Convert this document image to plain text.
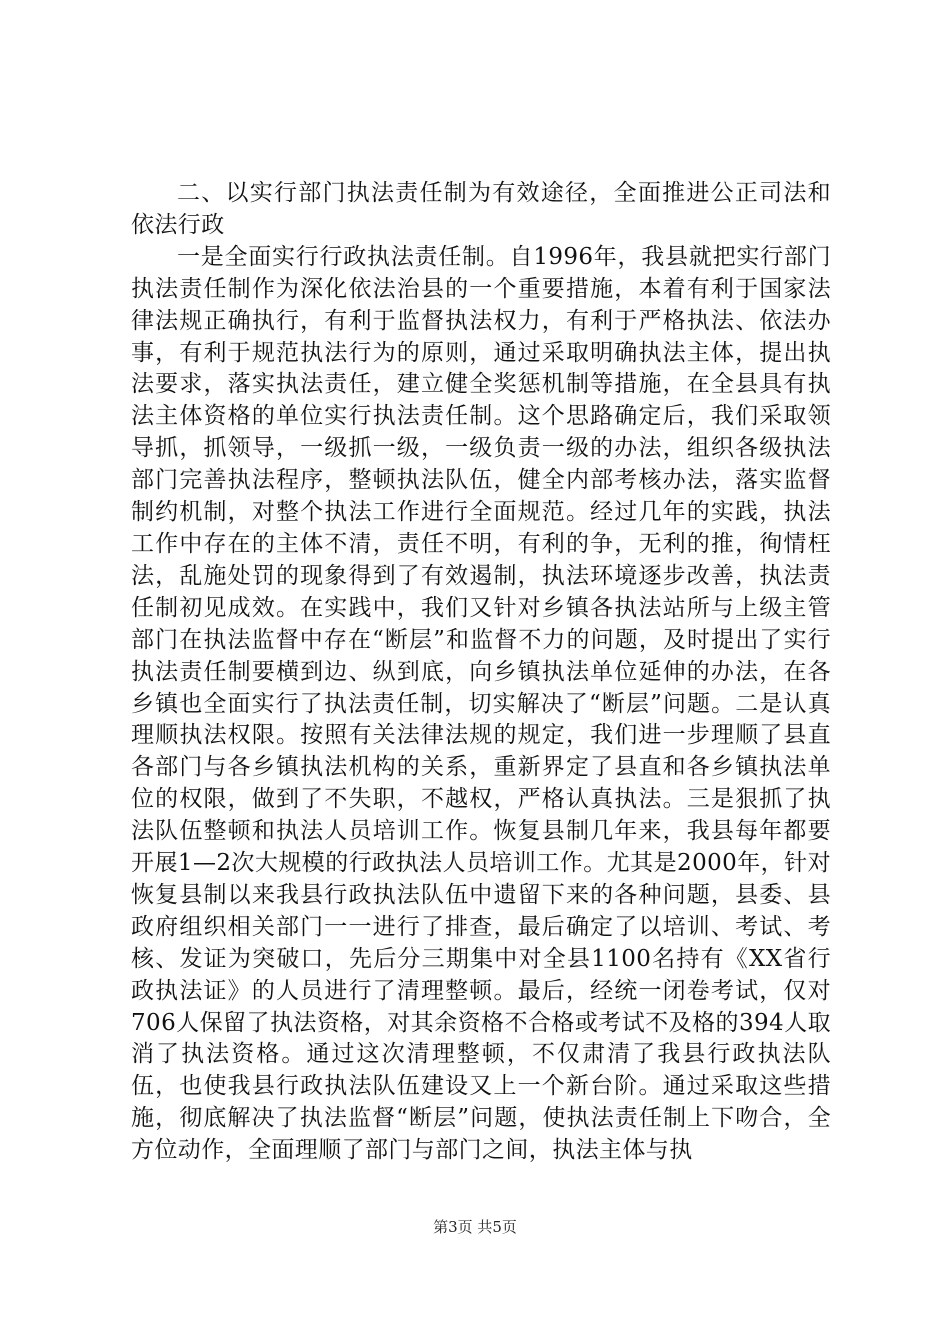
二、以实行部门执法责任制为有效途径，全面推进公正司法和依法行政

一是全面实行行政执法责任制。自1996年，我县就把实行部门执法责任制作为深化依法治县的一个重要措施，本着有利于国家法律法规正确执行，有利于监督执法权力，有利于严格执法、依法办事，有利于规范执法行为的原则，通过采取明确执法主体，提出执法要求，落实执法责任，建立健全奖惩机制等措施，在全县具有执法主体资格的单位实行执法责任制。这个思路确定后，我们采取领导抓，抓领导，一级抓一级，一级负责一级的办法，组织各级执法部门完善执法程序，整顿执法队伍，健全内部考核办法，落实监督制约机制，对整个执法工作进行全面规范。经过几年的实践，执法工作中存在的主体不清，责任不明，有利的争，无利的推，徇情枉法，乱施处罚的现象得到了有效遏制，执法环境逐步改善，执法责任制初见成效。在实践中，我们又针对乡镇各执法站所与上级主管部门在执法监督中存在“断层”和监督不力的问题，及时提出了实行执法责任制要横到边、纵到底，向乡镇执法单位延伸的办法，在各乡镇也全面实行了执法责任制，切实解决了“断层”问题。二是认真理顺执法权限。按照有关法律法规的规定，我们进一步理顺了县直各部门与各乡镇执法机构的关系，重新界定了县直和各乡镇执法单位的权限，做到了不失职，不越权，严格认真执法。三是狠抓了执法队伍整顿和执法人员培训工作。恢复县制几年来，我县每年都要开展1—2次大规模的行政执法人员培训工作。尤其是2000年，针对恢复县制以来我县行政执法队伍中遗留下来的各种问题，县委、县政府组织相关部门一一进行了排查，最后确定了以培训、考试、考核、发证为突破口，先后分三期集中对全县1100名持有《XX省行政执法证》的人员进行了清理整顿。最后，经统一闭卷考试，仅对706人保留了执法资格，对其余资格不合格或考试不及格的394人取消了执法资格。通过这次清理整顿，不仅肃清了我县行政执法队伍，也使我县行政执法队伍建设又上一个新台阶。通过采取这些措施，彻底解决了执法监督“断层”问题，使执法责任制上下吻合，全方位动作，全面理顺了部门与部门之间，执法主体与执

第3页 共5页
